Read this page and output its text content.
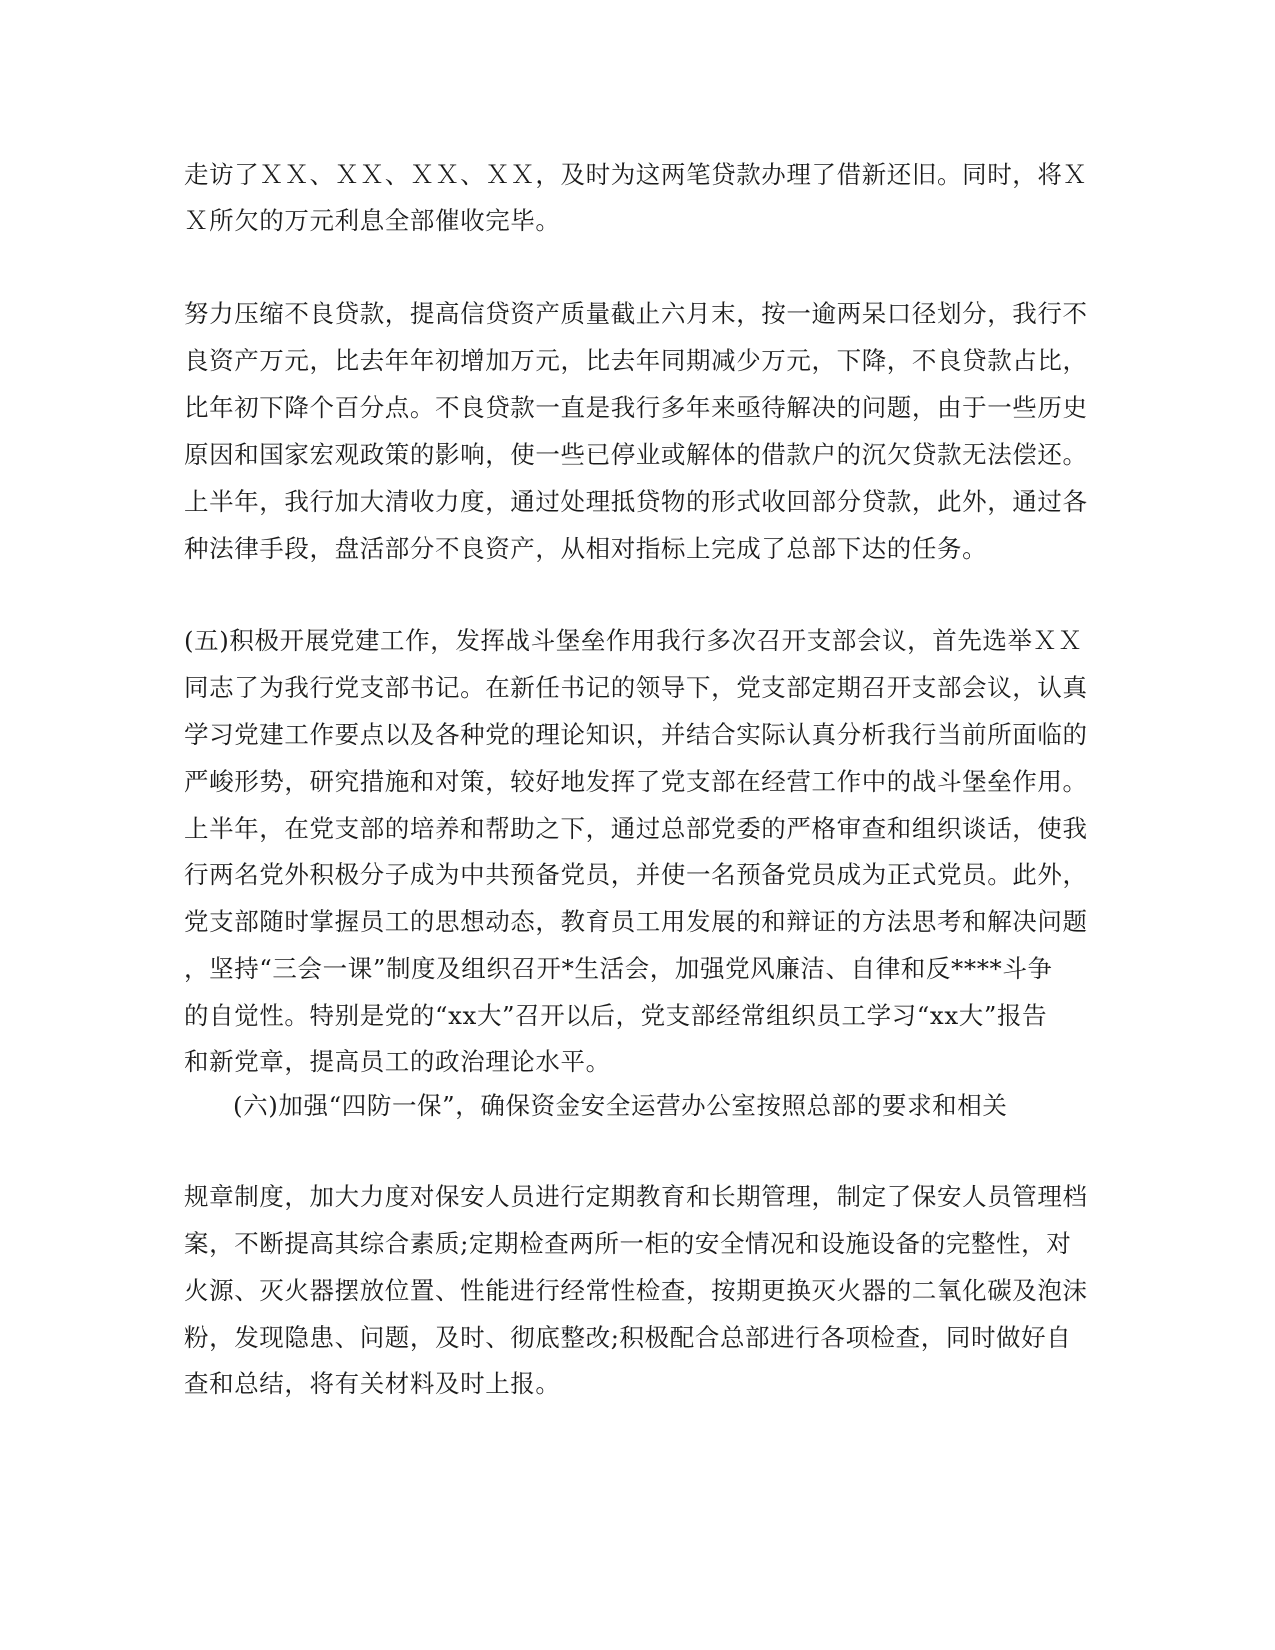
走访了ＸＸ、ＸＸ、ＸＸ、ＸＸ，及时为这两笔贷款办理了借新还旧。同时，将Ｘ
Ｘ所欠的万元利息全部催收完毕。
努力压缩不良贷款，提高信贷资产质量截止六月末，按一逾两呆口径划分，我行不
良资产万元，比去年年初增加万元，比去年同期减少万元，下降，不良贷款占比，
比年初下降个百分点。不良贷款一直是我行多年来亟待解决的问题，由于一些历史
原因和国家宏观政策的影响，使一些已停业或解体的借款户的沉欠贷款无法偿还。
上半年，我行加大清收力度，通过处理抵贷物的形式收回部分贷款，此外，通过各
种法律手段，盘活部分不良资产，从相对指标上完成了总部下达的任务。
(五)积极开展党建工作，发挥战斗堡垒作用我行多次召开支部会议，首先选举ＸＸ
同志了为我行党支部书记。在新任书记的领导下，党支部定期召开支部会议，认真
学习党建工作要点以及各种党的理论知识，并结合实际认真分析我行当前所面临的
严峻形势，研究措施和对策，较好地发挥了党支部在经营工作中的战斗堡垒作用。
上半年，在党支部的培养和帮助之下，通过总部党委的严格审查和组织谈话，使我
行两名党外积极分子成为中共预备党员，并使一名预备党员成为正式党员。此外，
党支部随时掌握员工的思想动态，教育员工用发展的和辩证的方法思考和解决问题
，坚持“三会一课”制度及组织召开*生活会，加强党风廉洁、自律和反****斗争
的自觉性。特别是党的“xx大”召开以后，党支部经常组织员工学习“xx大”报告
和新党章，提高员工的政治理论水平。
(六)加强“四防一保”，确保资金安全运营办公室按照总部的要求和相关
规章制度，加大力度对保安人员进行定期教育和长期管理，制定了保安人员管理档
案，不断提高其综合素质;定期检查两所一柜的安全情况和设施设备的完整性，对
火源、灭火器摆放位置、性能进行经常性检查，按期更换灭火器的二氧化碳及泡沫
粉，发现隐患、问题，及时、彻底整改;积极配合总部进行各项检查，同时做好自
查和总结，将有关材料及时上报。
